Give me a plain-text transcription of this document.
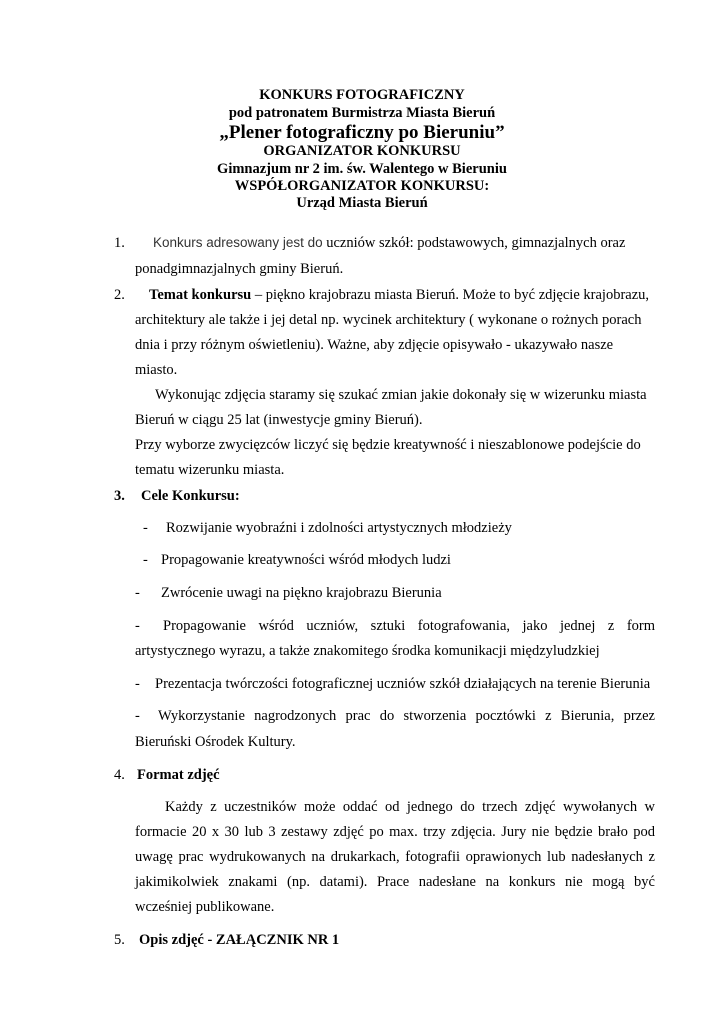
KONKURS FOTOGRAFICZNY
pod patronatem Burmistrza Miasta Bieruń
„Plener fotograficzny po Bieruniu”
ORGANIZATOR KONKURSU
Gimnazjum nr 2 im. św. Walentego w Bieruniu
WSPÓŁORGANIZATOR KONKURSU:
Urząd Miasta Bieruń
1. Konkurs adresowany jest do uczniów szkół: podstawowych, gimnazjalnych oraz
ponadgimnazjalnych gminy Bieruń.
2. Temat konkursu – piękno krajobrazu miasta Bieruń. Może to być zdjęcie krajobrazu,
architektury ale także i jej detal np. wycinek architektury ( wykonane o rożnych porach
dnia i przy różnym oświetleniu). Ważne, aby zdjęcie opisywało - ukazywało nasze
miasto.
Wykonując zdjęcia staramy się szukać zmian jakie dokonały się w wizerunku miasta
Bieruń w ciągu 25 lat (inwestycje gminy Bieruń).
Przy wyborze zwycięzców liczyć się będzie kreatywność i nieszablonowe podejście do
tematu wizerunku miasta.
3. Cele Konkursu:
- Rozwijanie wyobraźni i zdolności artystycznych młodzieży
- Propagowanie kreatywności wśród młodych ludzi
- Zwrócenie uwagi na piękno krajobrazu Bierunia
- Propagowanie wśród uczniów, sztuki fotografowania, jako jednej z form
artystycznego wyrazu, a także znakomitego środka komunikacji międzyludzkiej
- Prezentacja twórczości fotograficznej uczniów szkół działających na terenie Bierunia
- Wykorzystanie nagrodzonych prac do stworzenia pocztówki z Bierunia, przez
Bieruński Ośrodek Kultury.
4. Format zdjęć
Każdy z uczestników może oddać od jednego do trzech zdjęć wywołanych w
formacie 20 x 30 lub 3 zestawy zdjęć po max. trzy zdjęcia. Jury nie będzie brało pod
uwagę prac wydrukowanych na drukarkach, fotografii oprawionych lub nadesłanych z
jakimikolwiek znakami (np. datami). Prace nadesłane na konkurs nie mogą być
wcześniej publikowane.
5. Opis zdjęć - ZAŁĄCZNIK NR 1
